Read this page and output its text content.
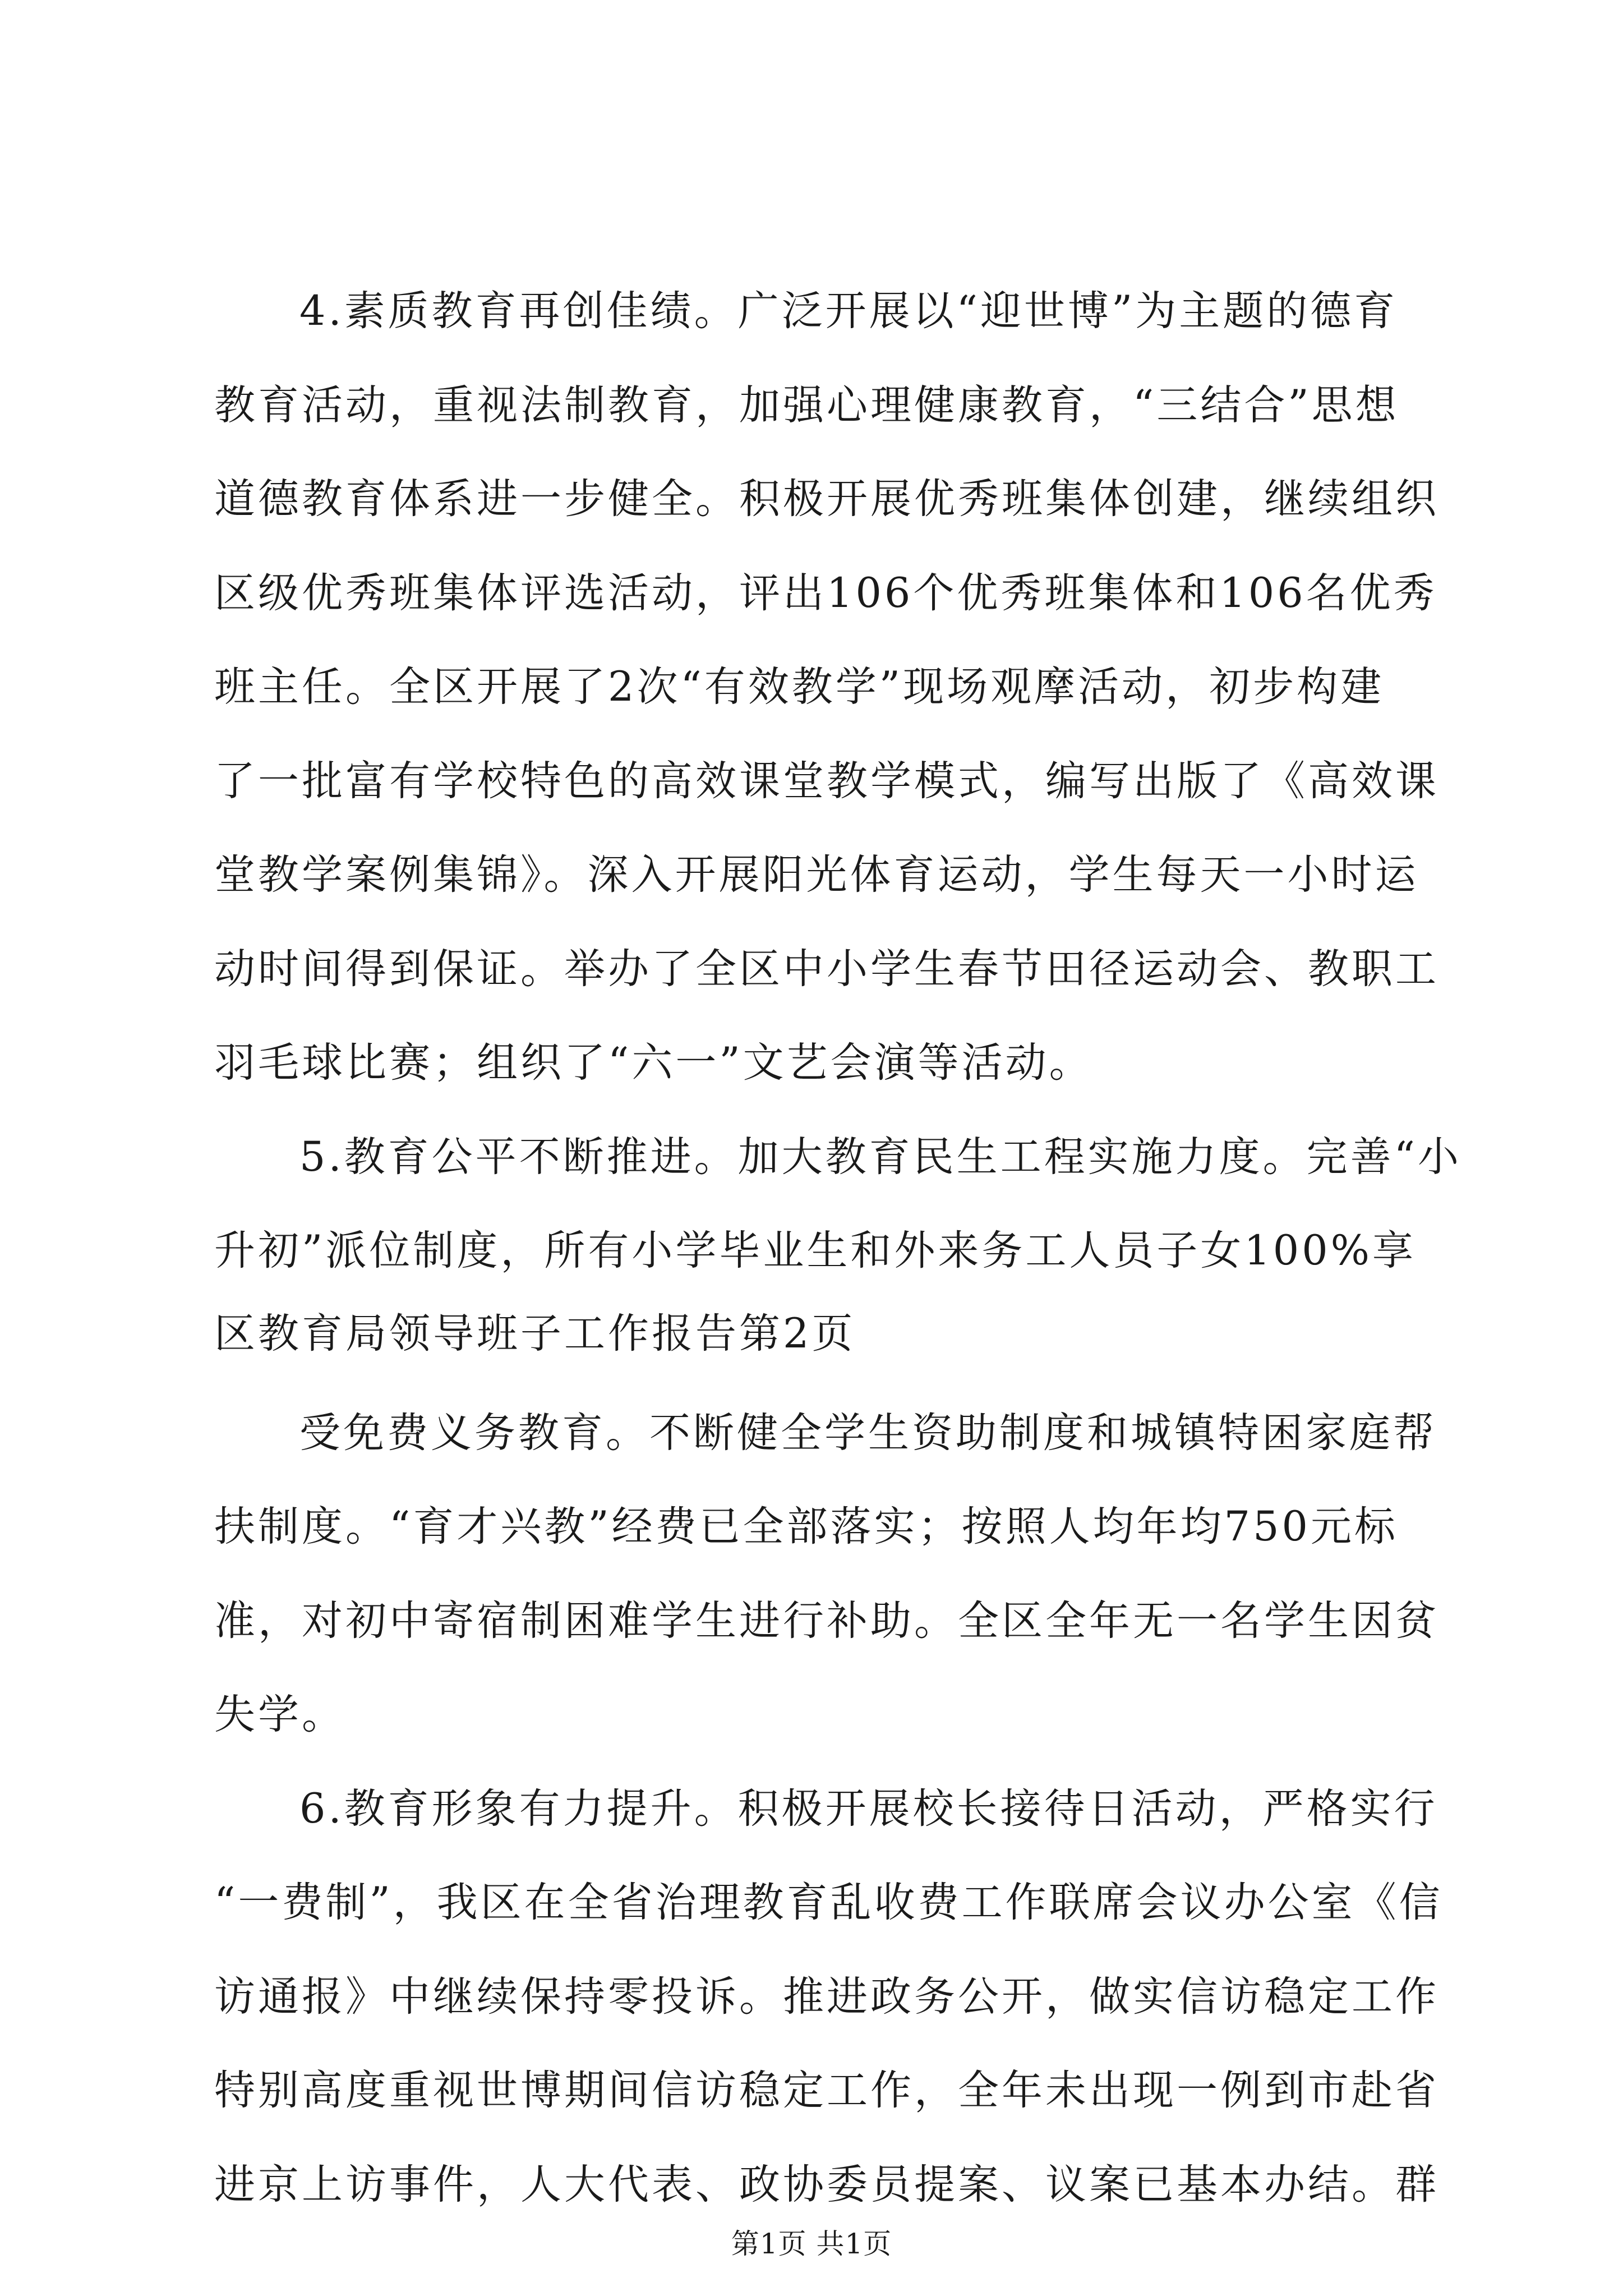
4.素质教育再创佳绩。广泛开展以“迎世博”为主题的德育
教育活动，重视法制教育，加强心理健康教育，“三结合”思想
道德教育体系进一步健全。积极开展优秀班集体创建，继续组织
区级优秀班集体评选活动，评出106个优秀班集体和106名优秀
班主任。全区开展了2次“有效教学”现场观摩活动，初步构建
了一批富有学校特色的高效课堂教学模式，编写出版了《高效课
堂教学案例集锦》。深入开展阳光体育运动，学生每天一小时运
动时间得到保证。举办了全区中小学生春节田径运动会、教职工
羽毛球比赛；组织了“六一”文艺会演等活动。
5.教育公平不断推进。加大教育民生工程实施力度。完善“小
升初”派位制度，所有小学毕业生和外来务工人员子女100%享
区教育局领导班子工作报告第2页
受免费义务教育。不断健全学生资助制度和城镇特困家庭帮
扶制度。“育才兴教”经费已全部落实；按照人均年均750元标
准，对初中寄宿制困难学生进行补助。全区全年无一名学生因贫
失学。
6.教育形象有力提升。积极开展校长接待日活动，严格实行
“一费制”，我区在全省治理教育乱收费工作联席会议办公室《信
访通报》中继续保持零投诉。推进政务公开，做实信访稳定工作
特别高度重视世博期间信访稳定工作，全年未出现一例到市赴省
进京上访事件，人大代表、政协委员提案、议案已基本办结。群
第1页 共1页
